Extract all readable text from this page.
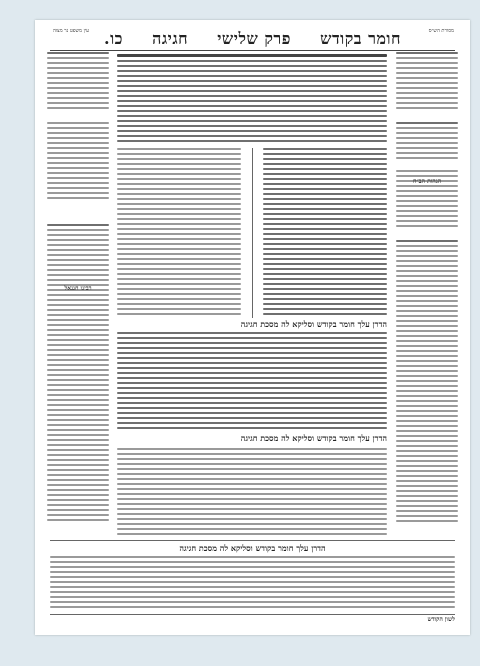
חומר בקודש
פרק שלישי
חגיגה
כו.	מסורת הש״ס
עין משפט נר מצוה
הגהות הב״ח
רבינו חננאל
הדרן עלך חומר בקודש וסליקא לה מסכת חגיגה
הדרן עלך חומר בקודש וסליקא לה מסכת חגיגה
הדרן עלך חומר בקודש וסליקא לה מסכת חגיגה
לשון הקודש
